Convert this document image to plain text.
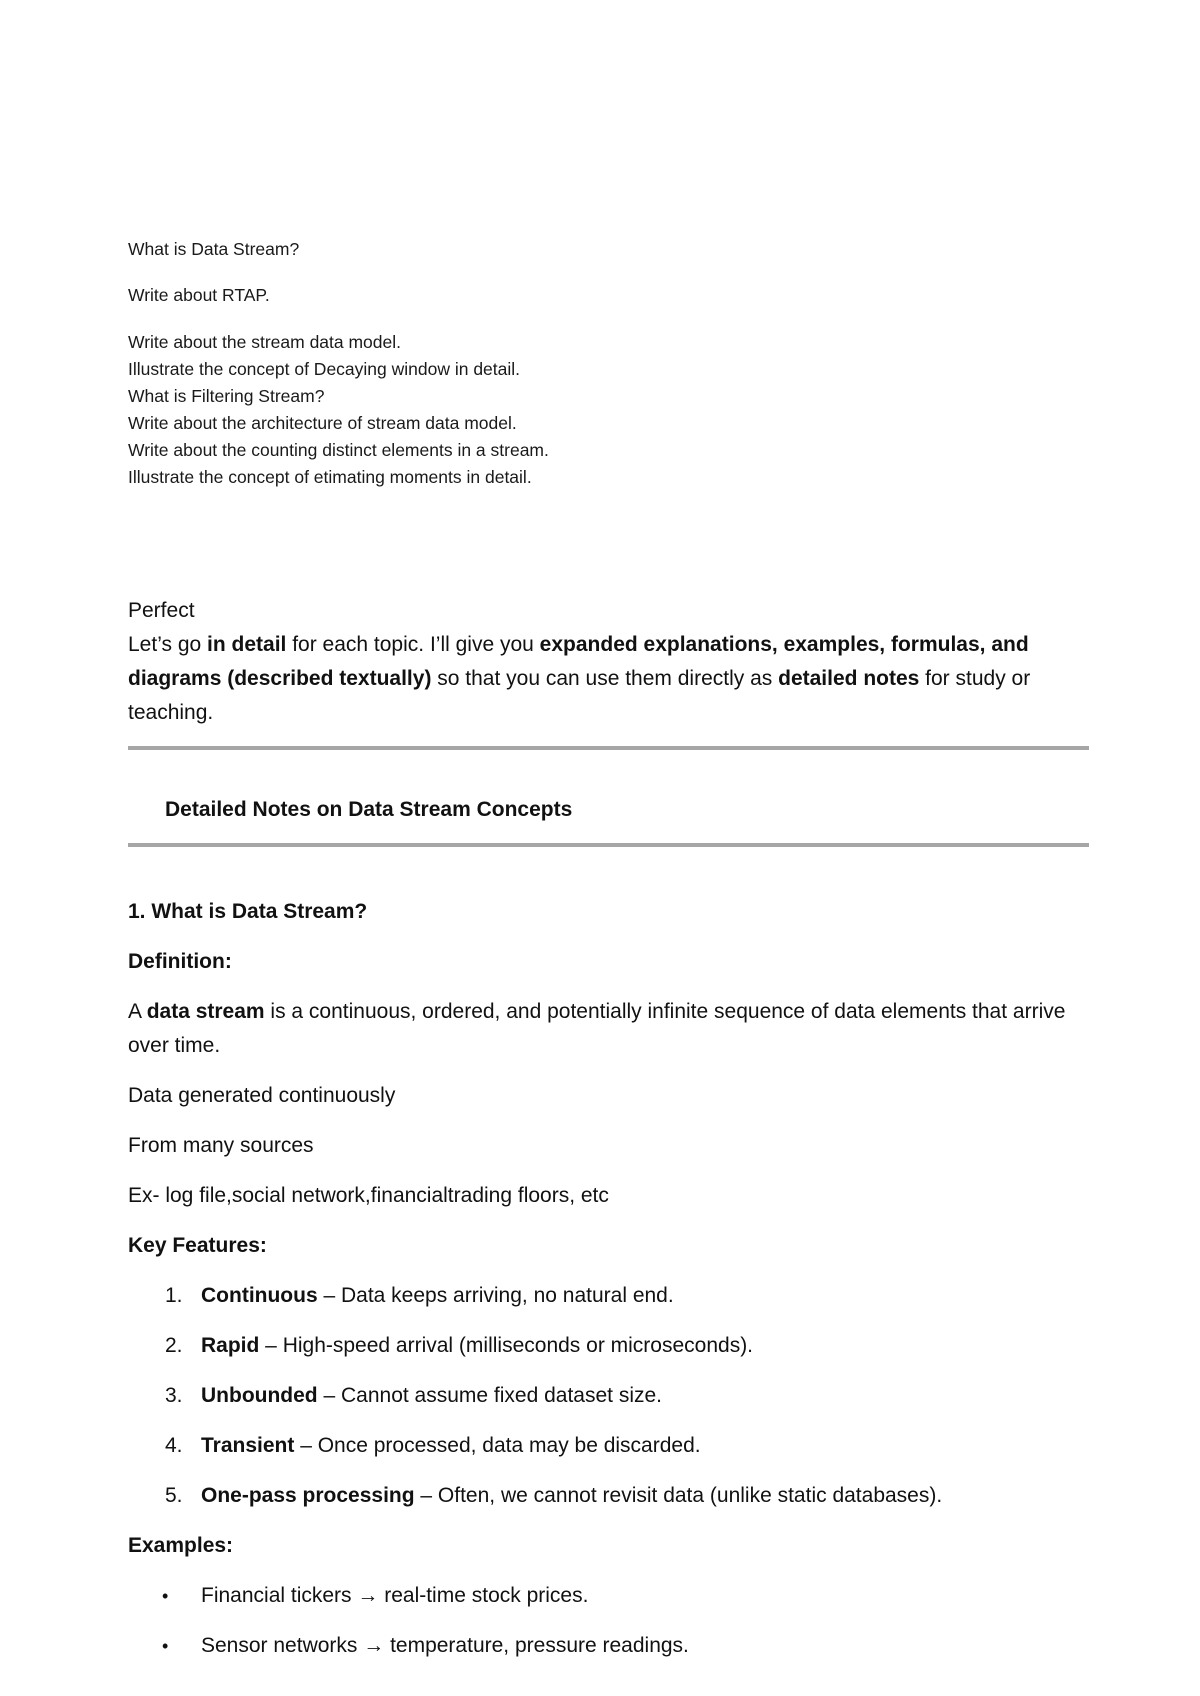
What is Data Stream?
Write about RTAP.
Write about the stream data model.
Illustrate the concept of Decaying window in detail.
What is Filtering Stream?
Write about the architecture of stream data model.
Write about the counting distinct elements in a stream.
Illustrate the concept of etimating moments in detail.
Perfect
Let’s go in detail for each topic. I’ll give you expanded explanations, examples, formulas, and diagrams (described textually) so that you can use them directly as detailed notes for study or teaching.
Detailed Notes on Data Stream Concepts

1. What is Data Stream?

Definition:

A data stream is a continuous, ordered, and potentially infinite sequence of data elements that arrive over time.

Data generated continuously

From many sources

Ex- log file,social network,financialtrading floors, etc

Key Features:

1. Continuous – Data keeps arriving, no natural end.
2. Rapid – High-speed arrival (milliseconds or microseconds).
3. Unbounded – Cannot assume fixed dataset size.
4. Transient – Once processed, data may be discarded.
5. One-pass processing – Often, we cannot revisit data (unlike static databases).

Examples:

• Financial tickers → real-time stock prices.
• Sensor networks → temperature, pressure readings.
